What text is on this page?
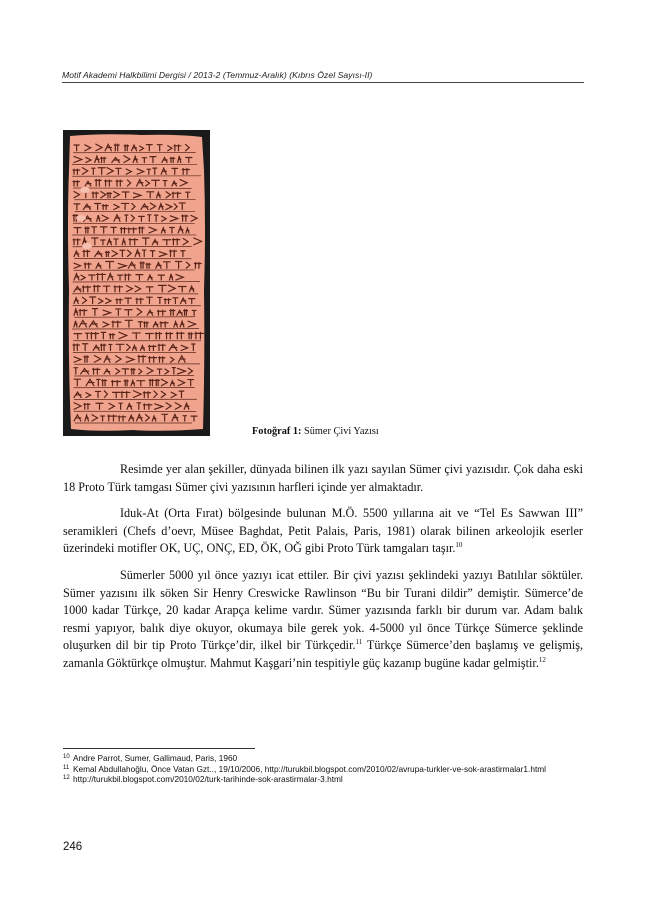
Motif Akademi Halkbilimi Dergisi / 2013-2 (Temmuz-Aralık) (Kıbrıs Özel Sayısı-II)
Fotoğraf 1: Sümer Çivi Yazısı

Resimde yer alan şekiller, dünyada bilinen ilk yazı sayılan Sümer çivi yazısıdır. Çok daha eski 18 Proto Türk tamgası Sümer çivi yazısının harfleri içinde yer almaktadır.

Iduk-At (Orta Fırat) bölgesinde bulunan M.Ö. 5500 yıllarına ait ve “Tel Es Sawwan III” seramikleri (Chefs d’oevr, Müsee Baghdat, Petit Palais, Paris, 1981) olarak bilinen arkeolojik eserler üzerindeki motifler OK, UÇ, ONÇ, ED, ÖK, OĞ gibi Proto Türk tamgaları taşır.$^{10}$

Sümerler 5000 yıl önce yazıyı icat ettiler. Bir çivi yazısı şeklindeki yazıyı Batılılar söktüler. Sümer yazısını ilk söken Sir Henry Creswicke Rawlinson “Bu bir Turani dildir” demiştir. Sümerce’de 1000 kadar Türkçe, 20 kadar Arapça kelime vardır. Sümer yazısında farklı bir durum var. Adam balık resmi yapıyor, balık diye okuyor, okumaya bile gerek yok. 4-5000 yıl önce Türkçe Sümerce şeklinde oluşurken dil bir tip Proto Türkçe’dir, ilkel bir Türkçedir.$^{11}$ Türkçe Sümerce’den başlamış ve gelişmiş, zamanla Göktürkçe olmuştur. Mahmut Kaşgari’nin tespitiyle güç kazanıp bugüne kadar gelmiştir.$^{12}$

10 Andre Parrot, Sumer, Gallimaud, Paris, 1960
11 Kemal Abdullahoğlu, Önce Vatan Gzt.., 19/10/2006, http://turukbil.blogspot.com/2010/02/avrupa-turkler-ve-sok-arastirmalar1.html
12 http://turukbil.blogspot.com/2010/02/turk-tarihinde-sok-arastirmalar-3.html
246
